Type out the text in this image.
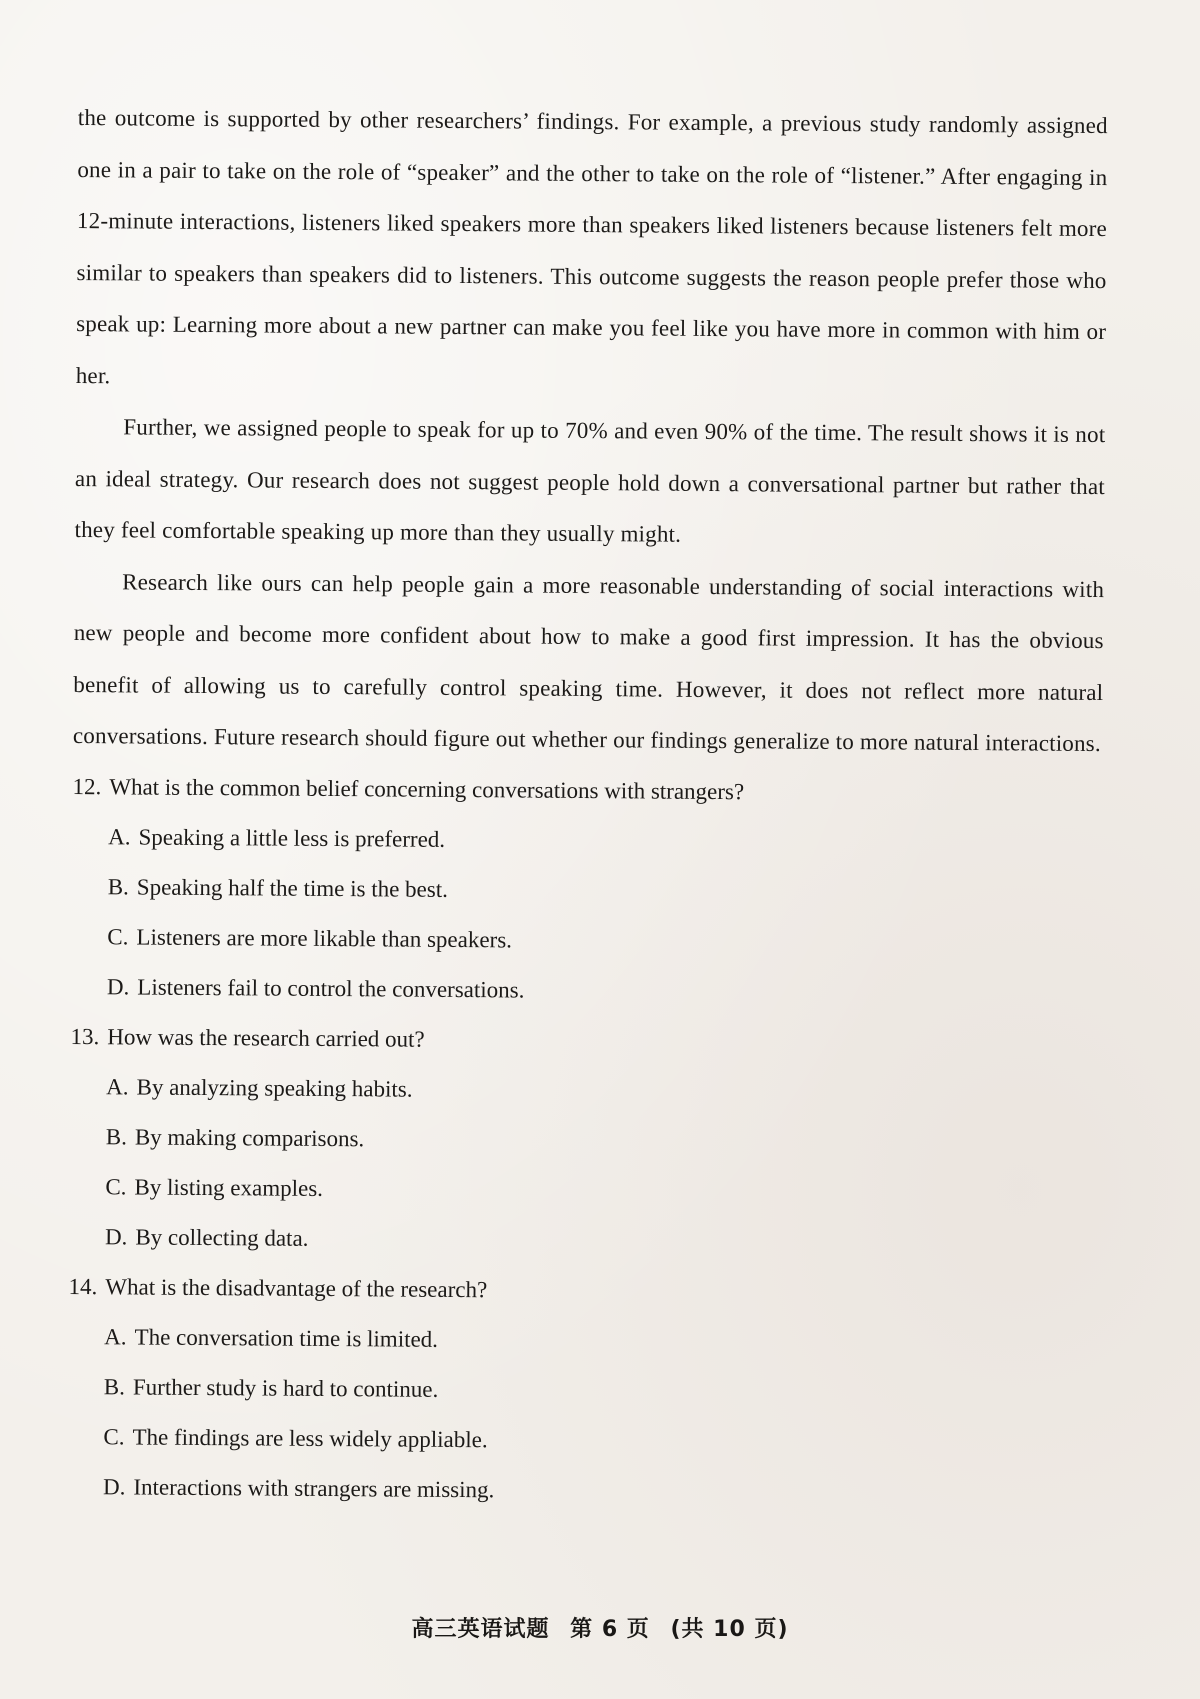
the outcome is supported by other researchers’ findings. For example, a previous study randomly assigned one in a pair to take on the role of “speaker” and the other to take on the role of “listener.” After engaging in 12-minute interactions, listeners liked speakers more than speakers liked listeners because listeners felt more similar to speakers than speakers did to listeners. This outcome suggests the reason people prefer those who speak up: Learning more about a new partner can make you feel like you have more in common with him or her.

Further, we assigned people to speak for up to 70% and even 90% of the time. The result shows it is not an ideal strategy. Our research does not suggest people hold down a conversational partner but rather that they feel comfortable speaking up more than they usually might.

Research like ours can help people gain a more reasonable understanding of social interactions with new people and become more confident about how to make a good first impression. It has the obvious benefit of allowing us to carefully control speaking time. However, it does not reflect more natural conversations. Future research should figure out whether our findings generalize to more natural interactions.

12. What is the common belief concerning conversations with strangers?

A. Speaking a little less is preferred.
B. Speaking half the time is the best.
C. Listeners are more likable than speakers.
D. Listeners fail to control the conversations.

13. How was the research carried out?

A. By analyzing speaking habits.
B. By making comparisons.
C. By listing examples.
D. By collecting data.

14. What is the disadvantage of the research?

A. The conversation time is limited.
B. Further study is hard to continue.
C. The findings are less widely appliable.
D. Interactions with strangers are missing.
高三英语试题 第 6 页 (共 10 页)
